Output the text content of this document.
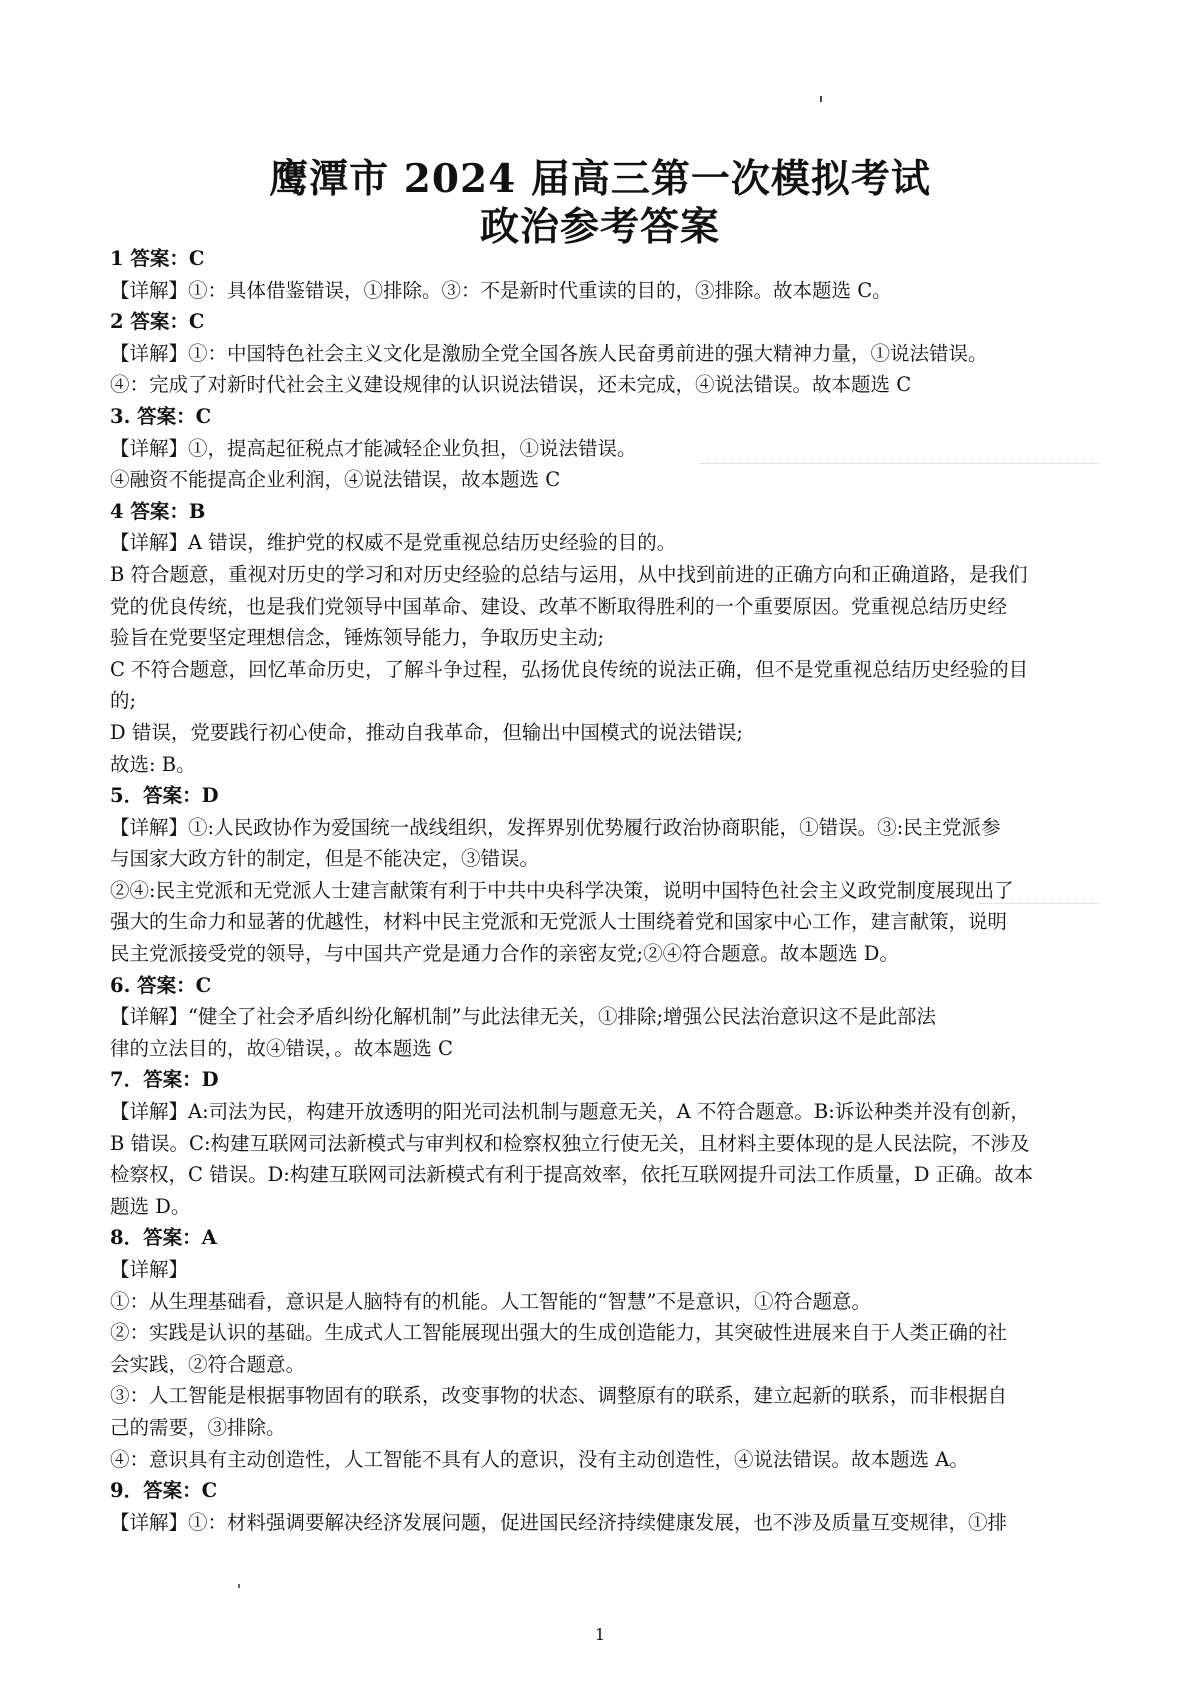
鹰潭市 2024 届高三第一次模拟考试
政治参考答案

1 答案：C

【详解】①：具体借鉴错误，①排除。③：不是新时代重读的目的，③排除。故本题选 C。

2 答案：C

【详解】①：中国特色社会主义文化是激励全党全国各族人民奋勇前进的强大精神力量，①说法错误。

④：完成了对新时代社会主义建设规律的认识说法错误，还未完成，④说法错误。故本题选 C

3. 答案：C

【详解】①，提高起征税点才能减轻企业负担，①说法错误。

④融资不能提高企业利润，④说法错误，故本题选 C

4 答案：B

【详解】A 错误，维护党的权威不是党重视总结历史经验的目的。

B 符合题意，重视对历史的学习和对历史经验的总结与运用，从中找到前进的正确方向和正确道路，是我们

党的优良传统，也是我们党领导中国革命、建设、改革不断取得胜利的一个重要原因。党重视总结历史经

验旨在党要坚定理想信念，锤炼领导能力，争取历史主动;

C 不符合题意，回忆革命历史，了解斗争过程，弘扬优良传统的说法正确，但不是党重视总结历史经验的目

的;

D 错误，党要践行初心使命，推动自我革命，但输出中国模式的说法错误;

故选: B。

5．答案：D

【详解】①:人民政协作为爱国统一战线组织，发挥界别优势履行政治协商职能，①错误。③:民主党派参

与国家大政方针的制定，但是不能决定，③错误。

②④:民主党派和无党派人士建言献策有利于中共中央科学决策，说明中国特色社会主义政党制度展现出了

强大的生命力和显著的优越性，材料中民主党派和无党派人士围绕着党和国家中心工作，建言献策，说明

民主党派接受党的领导，与中国共产党是通力合作的亲密友党;②④符合题意。故本题选 D。

6. 答案：C

【详解】“健全了社会矛盾纠纷化解机制”与此法律无关，①排除;增强公民法治意识这不是此部法

律的立法目的，故④错误，。故本题选 C

7．答案：D

【详解】A:司法为民，构建开放透明的阳光司法机制与题意无关，A 不符合题意。B:诉讼种类并没有创新，

B 错误。C:构建互联网司法新模式与审判权和检察权独立行使无关，且材料主要体现的是人民法院，不涉及

检察权，C 错误。D:构建互联网司法新模式有利于提高效率，依托互联网提升司法工作质量，D 正确。故本

题选 D。

8．答案：A

【详解】

①：从生理基础看，意识是人脑特有的机能。人工智能的“智慧”不是意识，①符合题意。

②：实践是认识的基础。生成式人工智能展现出强大的生成创造能力，其突破性进展来自于人类正确的社

会实践，②符合题意。

③：人工智能是根据事物固有的联系，改变事物的状态、调整原有的联系，建立起新的联系，而非根据自

己的需要，③排除。

④：意识具有主动创造性，人工智能不具有人的意识，没有主动创造性，④说法错误。故本题选 A。

9．答案：C

【详解】①：材料强调要解决经济发展问题，促进国民经济持续健康发展，也不涉及质量互变规律，①排

1
